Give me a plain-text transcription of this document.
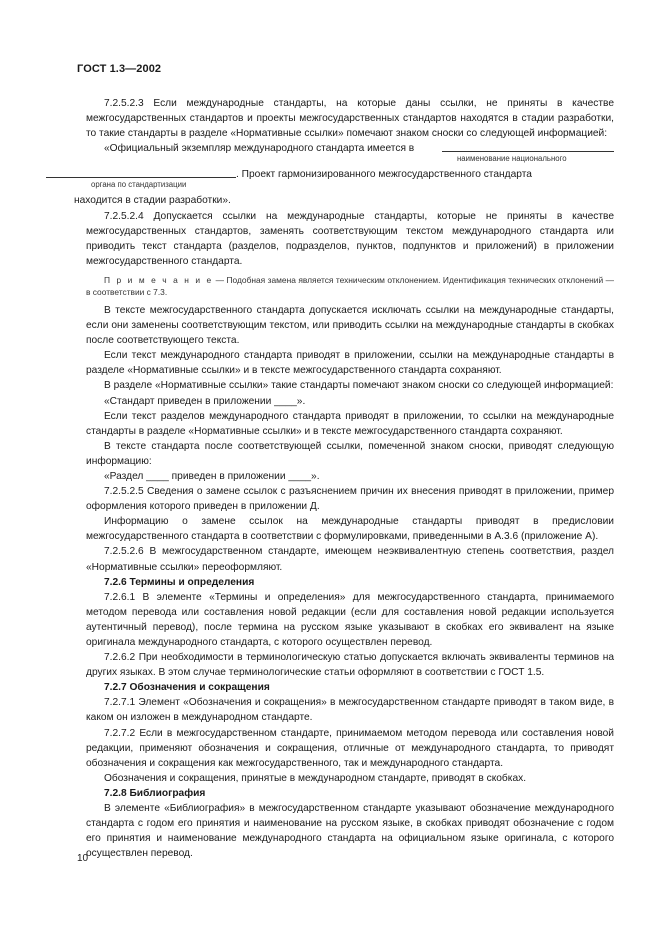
ГОСТ 1.3—2002

7.2.5.2.3 Если международные стандарты, на которые даны ссылки, не приняты в качестве межгосударственных стандартов и проекты межгосударственных стандартов находятся в стадии разработки, то такие стандарты в разделе «Нормативные ссылки» помечают знаком сноски со следующей информацией:

«Официальный экземпляр международного стандарта имеется в
наименование национального
. Проект гармонизированного межгосударственного стандарта
органа по стандартизации

находится в стадии разработки».

7.2.5.2.4 Допускается ссылки на международные стандарты, которые не приняты в качестве межгосударственных стандартов, заменять соответствующим текстом международного стандарта или приводить текст стандарта (разделов, подразделов, пунктов, подпунктов и приложений) в приложении межгосударственного стандарта.

П р и м е ч а н и е — Подобная замена является техническим отклонением. Идентификация технических отклонений — в соответствии с 7.3.

В тексте межгосударственного стандарта допускается исключать ссылки на международные стандарты, если они заменены соответствующим текстом, или приводить ссылки на международные стандарты в скобках после соответствующего текста.

Если текст международного стандарта приводят в приложении, ссылки на международные стандарты в разделе «Нормативные ссылки» и в тексте межгосударственного стандарта сохраняют.

В разделе «Нормативные ссылки» такие стандарты помечают знаком сноски со следующей информацией:

«Стандарт приведен в приложении ____».

Если текст разделов международного стандарта приводят в приложении, то ссылки на международные стандарты в разделе «Нормативные ссылки» и в тексте межгосударственного стандарта сохраняют.

В тексте стандарта после соответствующей ссылки, помеченной знаком сноски, приводят следующую информацию:

«Раздел ____ приведен в приложении ____».

7.2.5.2.5 Сведения о замене ссылок с разъяснением причин их внесения приводят в приложении, пример оформления которого приведен в приложении Д.

Информацию о замене ссылок на международные стандарты приводят в предисловии межгосударственного стандарта в соответствии с формулировками, приведенными в А.3.6 (приложение А).

7.2.5.2.6 В межгосударственном стандарте, имеющем неэквивалентную степень соответствия, раздел «Нормативные ссылки» переоформляют.

7.2.6 Термины и определения

7.2.6.1 В элементе «Термины и определения» для межгосударственного стандарта, принимаемого методом перевода или составления новой редакции (если для составления новой редакции используется аутентичный перевод), после термина на русском языке указывают в скобках его эквивалент на языке оригинала международного стандарта, с которого осуществлен перевод.

7.2.6.2 При необходимости в терминологическую статью допускается включать эквиваленты терминов на других языках. В этом случае терминологические статьи оформляют в соответствии с ГОСТ 1.5.

7.2.7 Обозначения и сокращения

7.2.7.1 Элемент «Обозначения и сокращения» в межгосударственном стандарте приводят в таком виде, в каком он изложен в международном стандарте.

7.2.7.2 Если в межгосударственном стандарте, принимаемом методом перевода или составления новой редакции, применяют обозначения и сокращения, отличные от международного стандарта, то приводят обозначения и сокращения как межгосударственного, так и международного стандарта.

Обозначения и сокращения, принятые в международном стандарте, приводят в скобках.

7.2.8 Библиография

В элементе «Библиография» в межгосударственном стандарте указывают обозначение международного стандарта с годом его принятия и наименование на русском языке, в скобках приводят обозначение с годом его принятия и наименование международного стандарта на официальном языке оригинала, с которого осуществлен перевод.

10
